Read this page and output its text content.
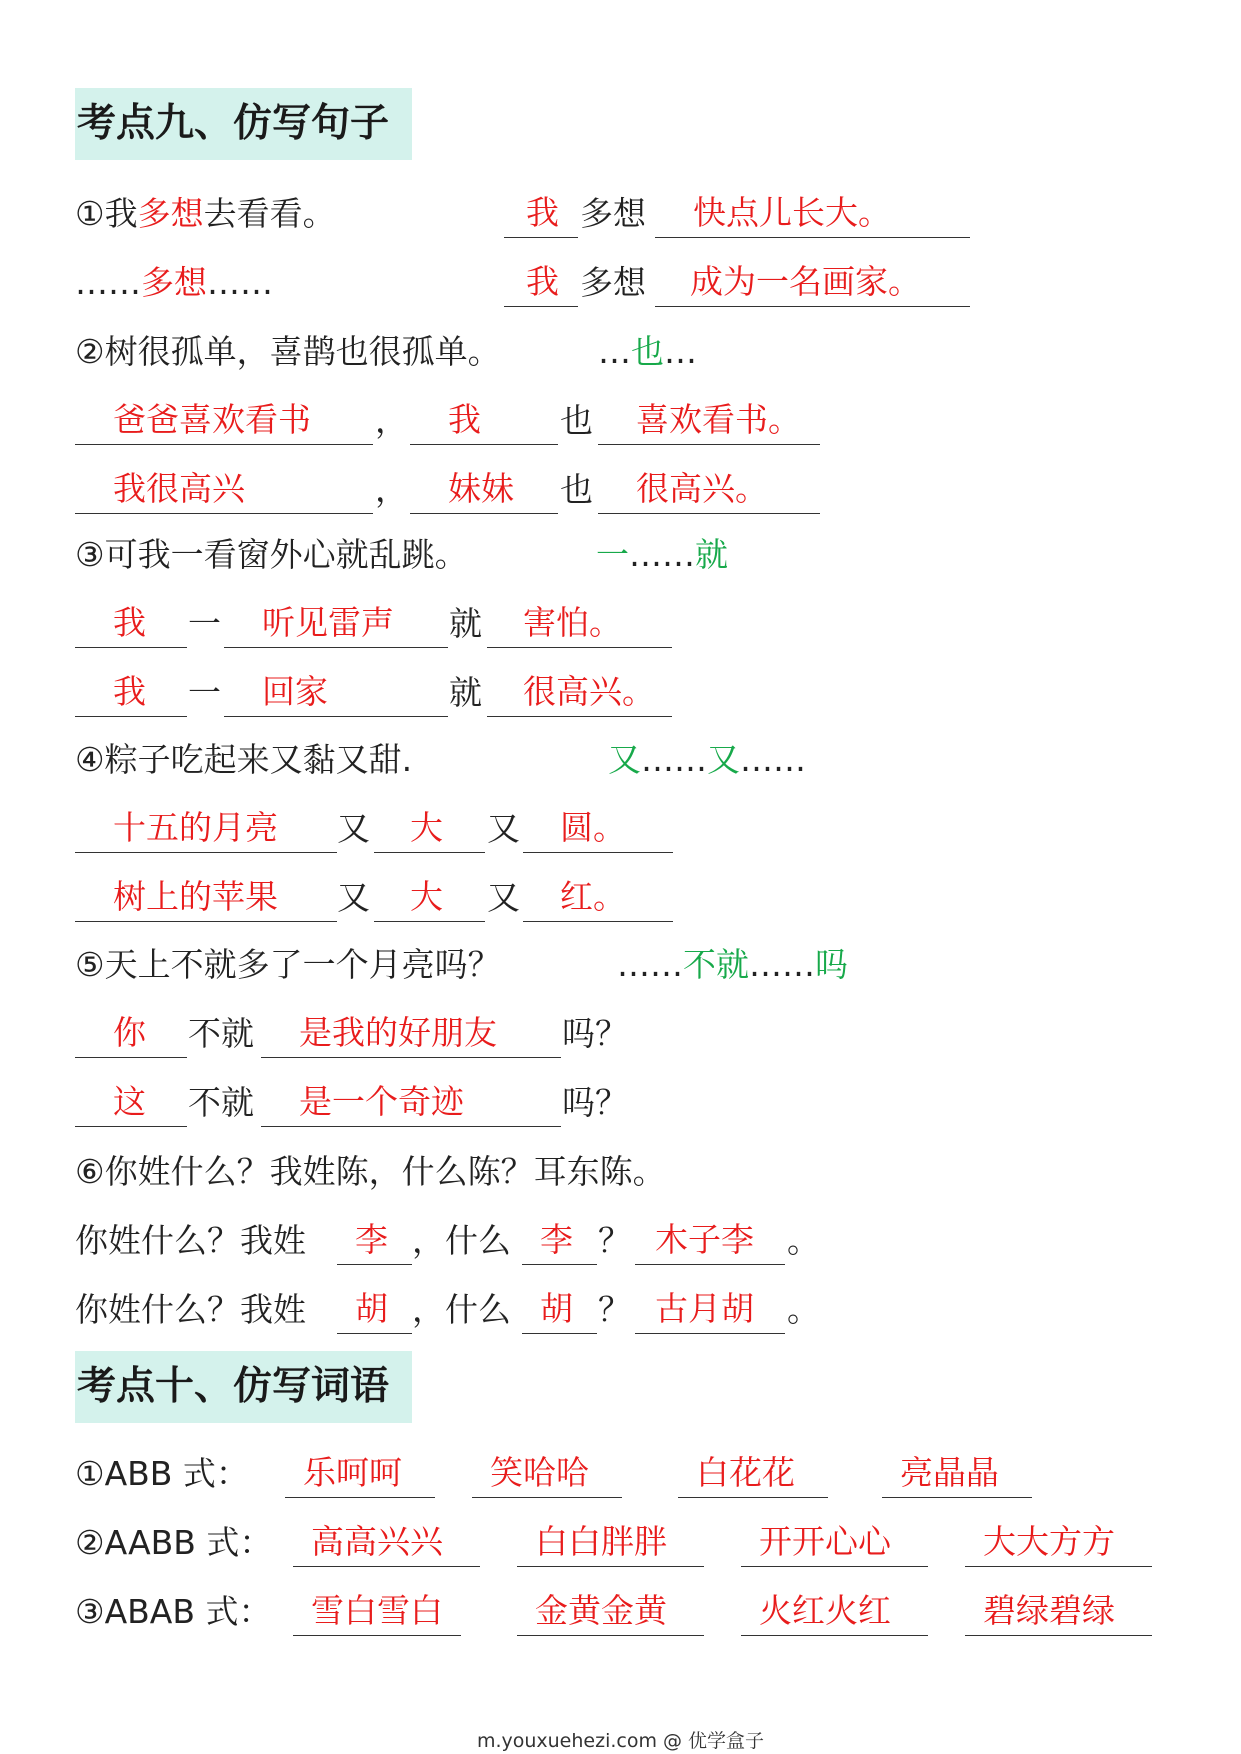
考点九、仿写句子
①我多想去看看。
……多想……
我 多想	快点儿长大。
我 多想	成为一名画家。
②树很孤单，喜鹊也很孤单。	…也…
爸爸喜欢看书	，	我	也	喜欢看书。
我很高兴	，	妹妹	也	很高兴。
③可我一看窗外心就乱跳。	一……就
我	一	听见雷声	就	害怕。
我	一	回家	就	很高兴。
④粽子吃起来又黏又甜.	又……又……
十五的月亮	又	大	又	圆。
树上的苹果	又	大	又	红。
⑤天上不就多了一个月亮吗？	……不就……吗
你	不就	是我的好朋友	吗？
这	不就	是一个奇迹	吗？
⑥你姓什么？我姓陈，什么陈？耳东陈。
你姓什么？我姓	李 ，什么 李 ？ 木子李	。
你姓什么？我姓	胡 ，什么 胡 ？ 古月胡	。
考点十、仿写词语
①ABB 式：	乐呵呵	笑哈哈	白花花	亮晶晶
②AABB 式：	高高兴兴	白白胖胖	开开心心	大大方方
③ABAB 式：	雪白雪白	金黄金黄	火红火红	碧绿碧绿
m.youxuehezi.com @ 优学盒子
